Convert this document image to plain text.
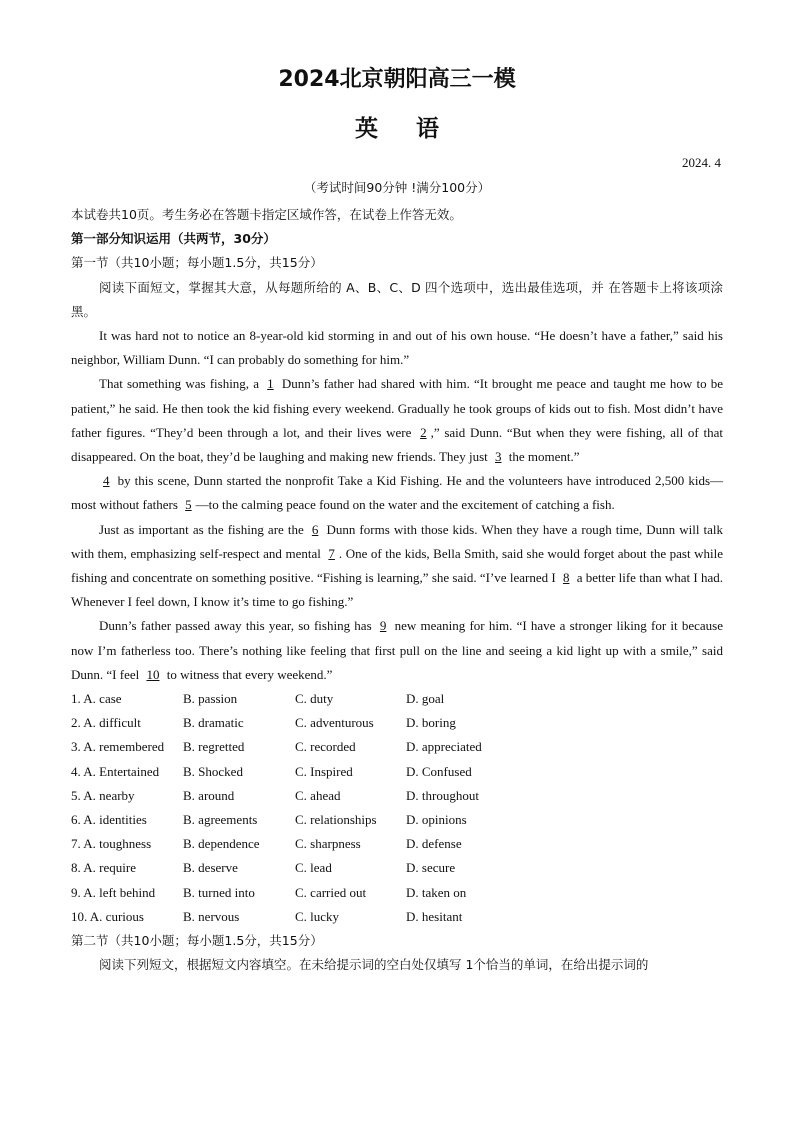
2024北京朝阳高三一模
英语
2024. 4
（考试时间90分钟 !满分100分）
本试卷共10页。考生务必在答题卡指定区域作答，在试卷上作答无效。
第一部分知识运用（共两节，30分）
第一节（共10小题；每小题1.5分，共15分）

阅读下面短文，掌握其大意，从每题所给的 A、B、C、D 四个选项中，选出最佳选项，并 在答题卡上将该项涂黑。

It was hard not to notice an 8-year-old kid storming in and out of his own house. “He doesn’t have a father,” said his neighbor, William Dunn. “I can probably do something for him.”

That something was fishing, a 1 Dunn’s father had shared with him. “It brought me peace and taught me how to be patient,” he said. He then took the kid fishing every weekend. Gradually he took groups of kids out to fish. Most didn’t have father figures. “They’d been through a lot, and their lives were 2 ,” said Dunn. “But when they were fishing, all of that disappeared. On the boat, they’d be laughing and making new friends. They just 3 the moment.”

4 by this scene, Dunn started the nonprofit Take a Kid Fishing. He and the volunteers have introduced 2,500 kids—most without fathers 5 —to the calming peace found on the water and the excitement of catching a fish.

Just as important as the fishing are the 6 Dunn forms with those kids. When they have a rough time, Dunn will talk with them, emphasizing self-respect and mental 7 . One of the kids, Bella Smith, said she would forget about the past while fishing and concentrate on something positive. “Fishing is learning,” she said. “I’ve learned I 8 a better life than what I had. Whenever I feel down, I know it’s time to go fishing.”

Dunn’s father passed away this year, so fishing has 9 new meaning for him. “I have a stronger liking for it because now I’m fatherless too. There’s nothing like feeling that first pull on the line and seeing a kid light up with a smile,” said Dunn. “I feel 10 to witness that every weekend.”

1. A. case	B. passion	C. duty	D. goal
2. A. difficult	B. dramatic	C. adventurous	D. boring
3. A. remembered	B. regretted	C. recorded	D. appreciated
4. A. Entertained	B. Shocked	C. Inspired	D. Confused
5. A. nearby	B. around	C. ahead	D. throughout
6. A. identities	B. agreements	C. relationships	D. opinions
7. A. toughness	B. dependence	C. sharpness	D. defense
8. A. require	B. deserve	C. lead	D. secure
9. A. left behind	B. turned into	C. carried out	D. taken on
10. A. curious	B. nervous	C. lucky	D. hesitant
第二节（共10小题；每小题1.5分，共15分）
阅读下列短文，根据短文内容填空。在未给提示词的空白处仅填写 1个恰当的单词，在给出提示词的
